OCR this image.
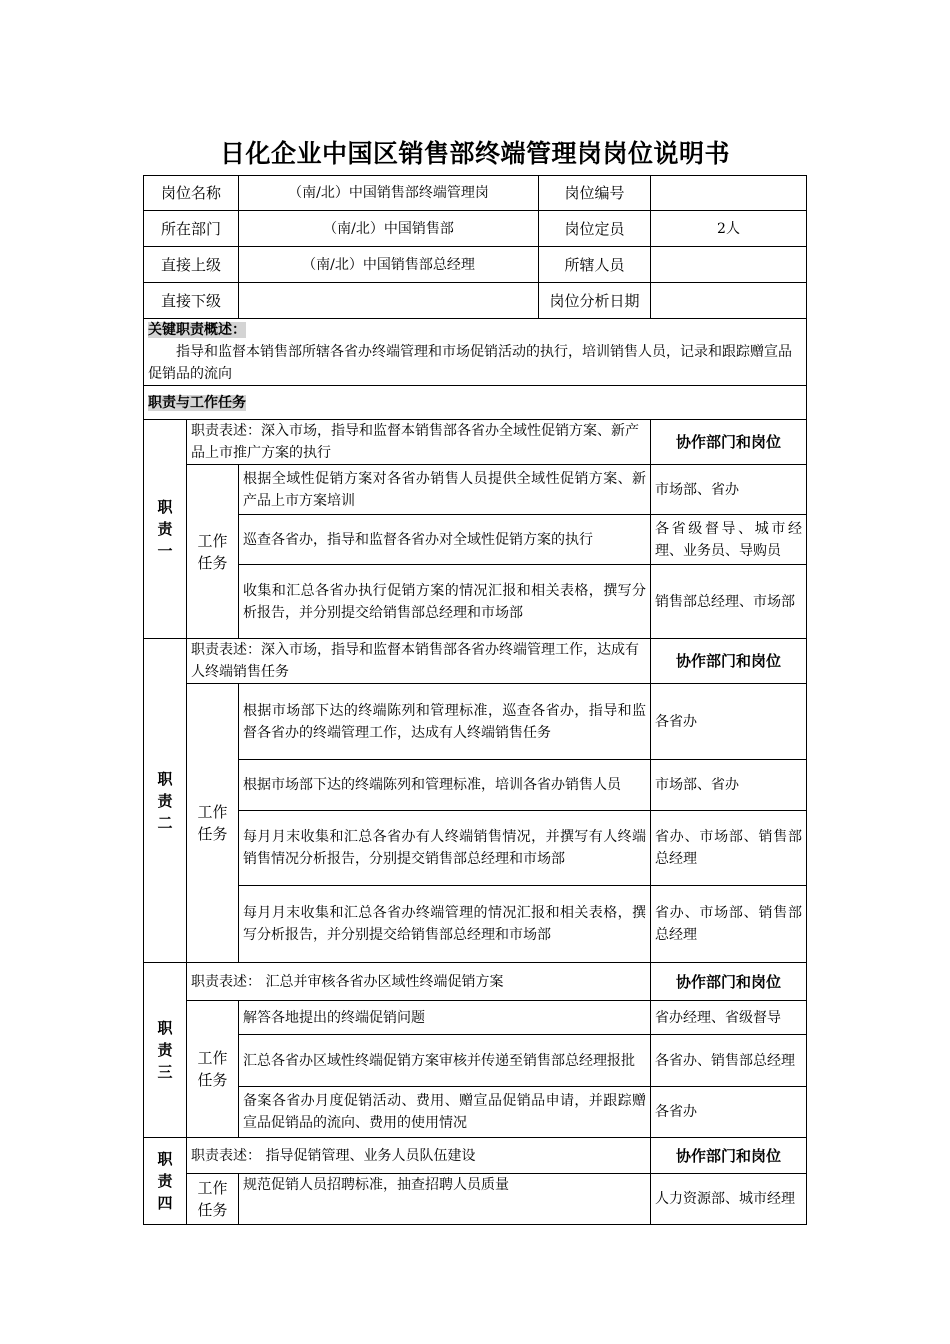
日化企业中国区销售部终端管理岗岗位说明书
岗位名称		（南/北）中国销售部终端管理岗	岗位编号	
所在部门		（南/北）中国销售部	岗位定员	2人
直接上级		（南/北）中国销售部总经理	所辖人员	
直接下级			岗位分析日期	

关键职责概述：
指导和监督本销售部所辖各省办终端管理和市场促销活动的执行，培训销售人员，记录和跟踪赠宣品促销品的流向				

职责与工作任务				

职
责
一	职责表述：深入市场，指导和监督本销售部各省办全域性促销方案、新产品上市推广方案的执行			协作部门和岗位

	工作
任务	根据全域性促销方案对各省办销售人员提供全域性促销方案、新产品上市方案培训		市场部、省办
		巡查各省办，指导和监督各省办对全域性促销方案的执行		各省级督导、城市经理、业务员、导购员
		收集和汇总各省办执行促销方案的情况汇报和相关表格，撰写分析报告，并分别提交给销售部总经理和市场部		销售部总经理、市场部

职
责
二	职责表述：深入市场，指导和监督本销售部各省办终端管理工作，达成有人终端销售任务			协作部门和岗位

	工作
任务	根据市场部下达的终端陈列和管理标准，巡查各省办，指导和监督各省办的终端管理工作，达成有人终端销售任务		各省办
		根据市场部下达的终端陈列和管理标准，培训各省办销售人员		市场部、省办
		每月月末收集和汇总各省办有人终端销售情况，并撰写有人终端销售情况分析报告，分别提交销售部总经理和市场部		省办、市场部、销售部总经理
		每月月末收集和汇总各省办终端管理的情况汇报和相关表格，撰写分析报告，并分别提交给销售部总经理和市场部		省办、市场部、销售部总经理

职
责
三	职责表述： 汇总并审核各省办区域性终端促销方案			协作部门和岗位

	工作
任务	解答各地提出的终端促销问题		省办经理、省级督导
		汇总各省办区域性终端促销方案审核并传递至销售部总经理报批		各省办、销售部总经理
		备案各省办月度促销活动、费用、赠宣品促销品申请，并跟踪赠宣品促销品的流向、费用的使用情况		各省办

职
责
四	职责表述： 指导促销管理、业务人员队伍建设			协作部门和岗位

	工作
任务	规范促销人员招聘标准，抽查招聘人员质量		人力资源部、城市经理
